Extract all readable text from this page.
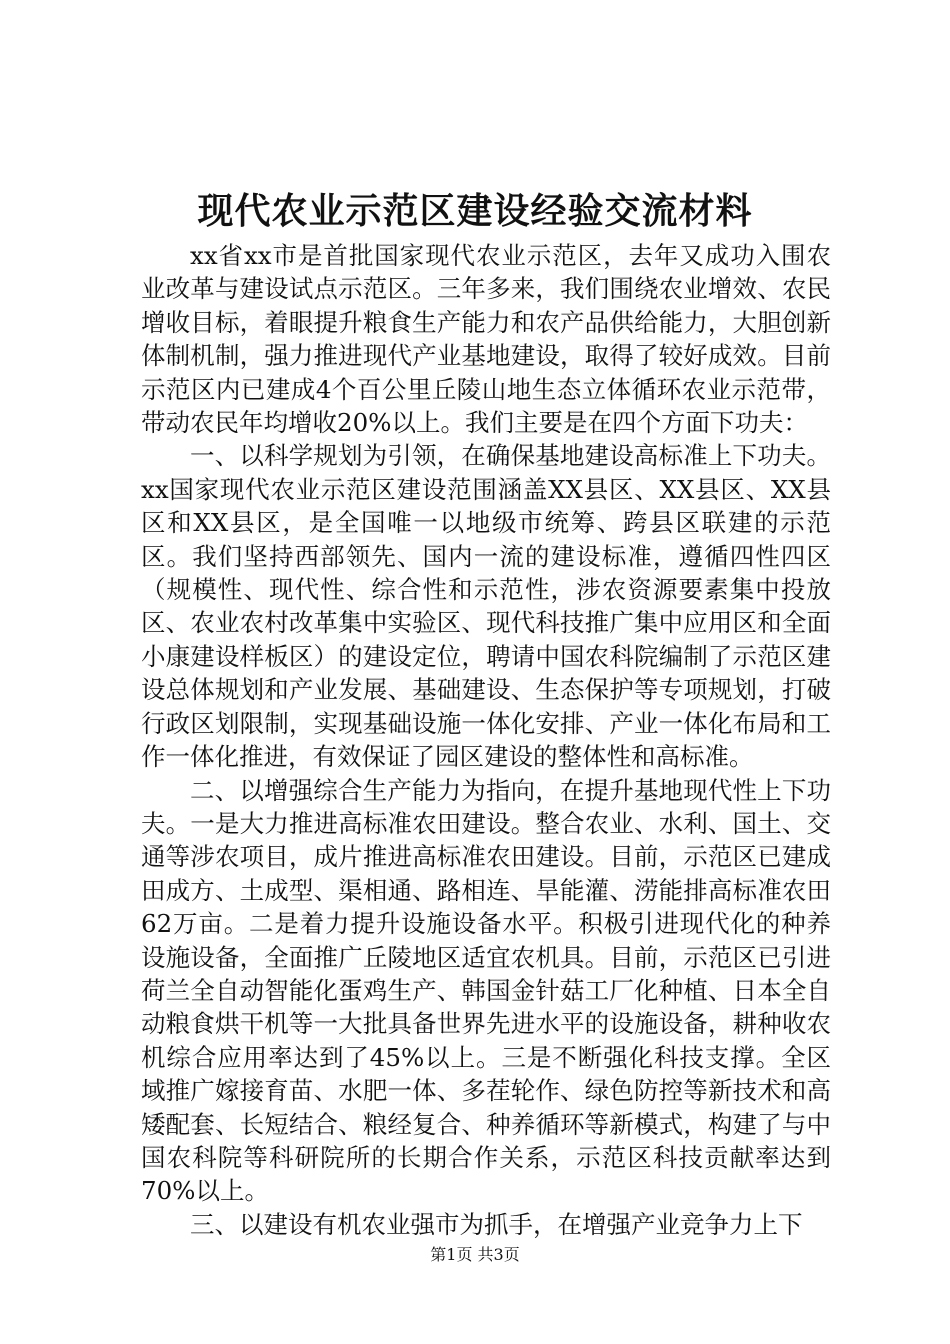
现代农业示范区建设经验交流材料

xx省xx市是首批国家现代农业示范区，去年又成功入围农业改革与建设试点示范区。三年多来，我们围绕农业增效、农民增收目标，着眼提升粮食生产能力和农产品供给能力，大胆创新体制机制，强力推进现代产业基地建设，取得了较好成效。目前示范区内已建成4个百公里丘陵山地生态立体循环农业示范带，带动农民年均增收20%以上。我们主要是在四个方面下功夫：

一、以科学规划为引领，在确保基地建设高标准上下功夫。xx国家现代农业示范区建设范围涵盖XX县区、XX县区、XX县区和XX县区，是全国唯一以地级市统筹、跨县区联建的示范区。我们坚持西部领先、国内一流的建设标准，遵循四性四区（规模性、现代性、综合性和示范性，涉农资源要素集中投放区、农业农村改革集中实验区、现代科技推广集中应用区和全面小康建设样板区）的建设定位，聘请中国农科院编制了示范区建设总体规划和产业发展、基础建设、生态保护等专项规划，打破行政区划限制，实现基础设施一体化安排、产业一体化布局和工作一体化推进，有效保证了园区建设的整体性和高标准。

二、以增强综合生产能力为指向，在提升基地现代性上下功夫。一是大力推进高标准农田建设。整合农业、水利、国土、交通等涉农项目，成片推进高标准农田建设。目前，示范区已建成田成方、土成型、渠相通、路相连、旱能灌、涝能排高标准农田62万亩。二是着力提升设施设备水平。积极引进现代化的种养设施设备，全面推广丘陵地区适宜农机具。目前，示范区已引进荷兰全自动智能化蛋鸡生产、韩国金针菇工厂化种植、日本全自动粮食烘干机等一大批具备世界先进水平的设施设备，耕种收农机综合应用率达到了45%以上。三是不断强化科技支撑。全区域推广嫁接育苗、水肥一体、多茬轮作、绿色防控等新技术和高矮配套、长短结合、粮经复合、种养循环等新模式，构建了与中国农科院等科研院所的长期合作关系，示范区科技贡献率达到70%以上。

三、以建设有机农业强市为抓手，在增强产业竞争力上下

第1页 共3页
